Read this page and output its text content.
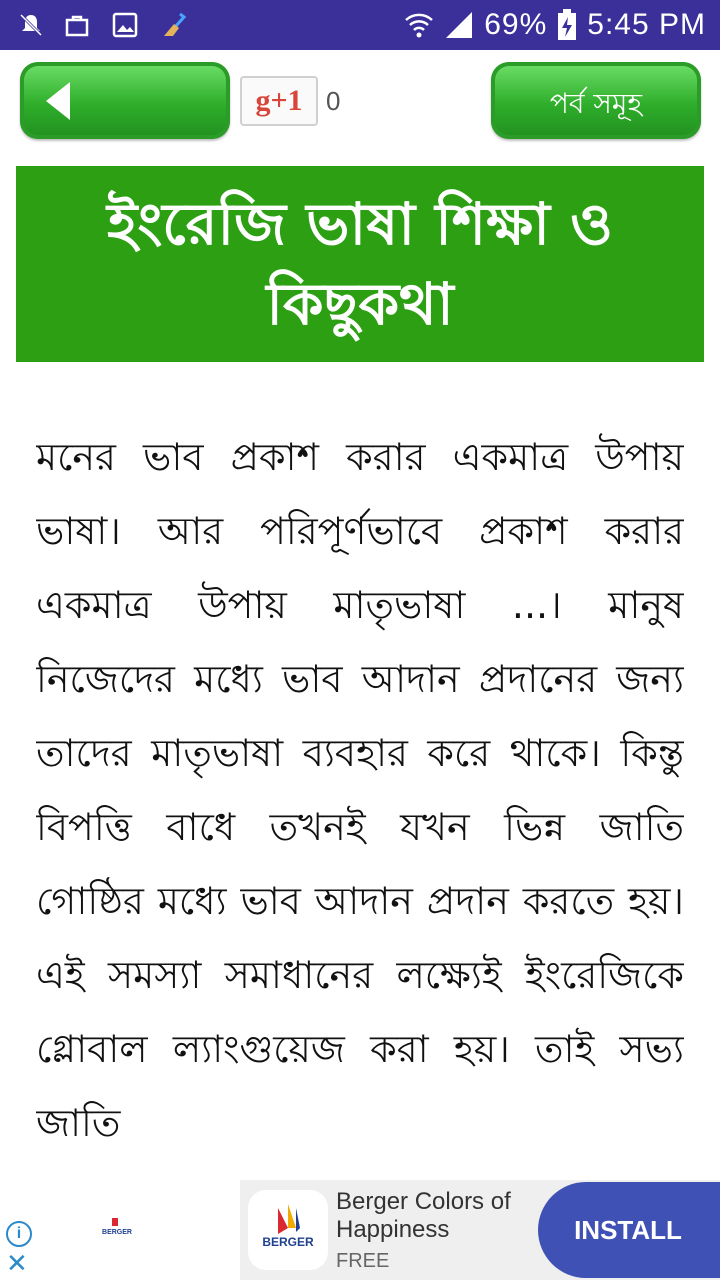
69% 5:45 PM
g+1 0	পর্ব সমূহ
ইংরেজি ভাষা শিক্ষা ও কিছুকথা
মনের ভাব প্রকাশ করার একমাত্র উপায় ভাষা। আর পরিপূর্ণভাবে প্রকাশ করার একমাত্র উপায় মাতৃভাষা ...। মানুষ নিজেদের মধ্যে ভাব আদান প্রদানের জন্য তাদের মাতৃভাষা ব্যবহার করে থাকে। কিন্তু বিপত্তি বাধে তখনই যখন ভিন্ন জাতি গোষ্ঠির মধ্যে ভাব আদান প্রদান করতে হয়। এই সমস্যা সমাধানের লক্ষ্যেই ইংরেজিকে গ্লোবাল ল্যাংগুয়েজ করা হয়। তাই সভ্য জাতি
i
✕
BERGER
BERGER
Berger Colors of Happiness
FREE
INSTALL
